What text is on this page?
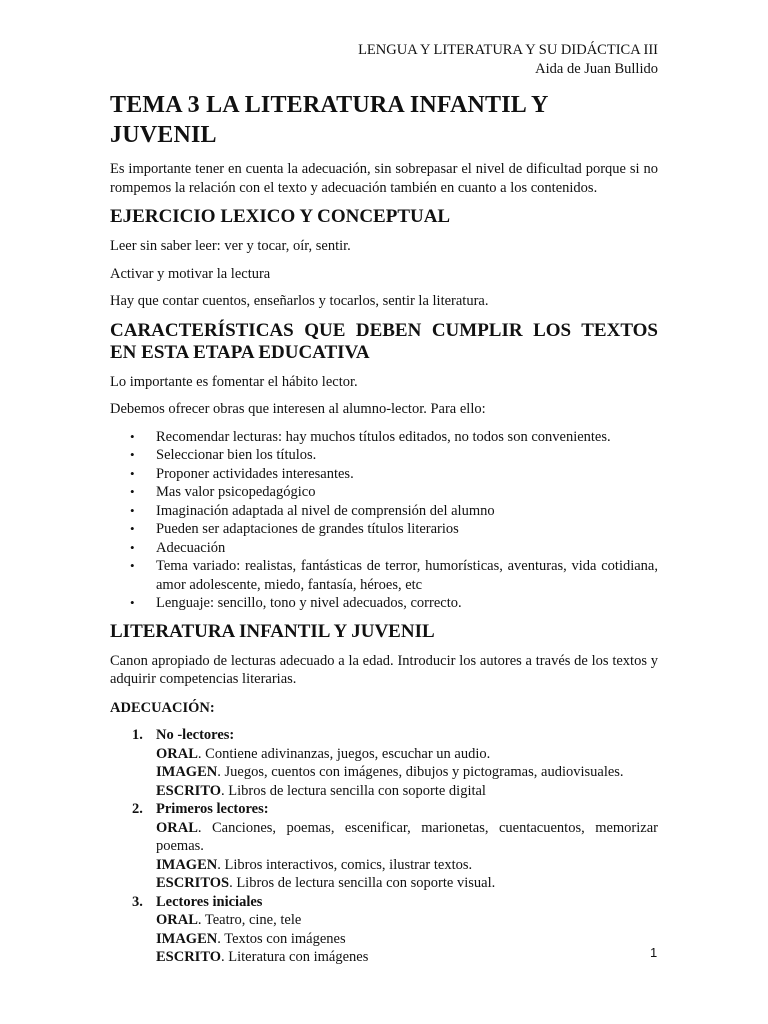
LENGUA Y LITERATURA Y SU DIDÁCTICA III
Aida de Juan Bullido
TEMA 3 LA LITERATURA INFANTIL Y JUVENIL

Es importante tener en cuenta la adecuación, sin sobrepasar el nivel de dificultad porque si no rompemos la relación con el texto y adecuación también en cuanto a los contenidos.

EJERCICIO LEXICO Y CONCEPTUAL

Leer sin saber leer: ver y tocar, oír, sentir.

Activar y motivar la lectura

Hay que contar cuentos, enseñarlos y tocarlos, sentir la literatura.

CARACTERÍSTICAS QUE DEBEN CUMPLIR LOS TEXTOS EN ESTA ETAPA EDUCATIVA

Lo importante es fomentar el hábito lector.

Debemos ofrecer obras que interesen al alumno-lector. Para ello:

• Recomendar lecturas: hay muchos títulos editados, no todos son convenientes.
• Seleccionar bien los títulos.
• Proponer actividades interesantes.
• Mas valor psicopedagógico
• Imaginación adaptada al nivel de comprensión del alumno
• Pueden ser adaptaciones de grandes títulos literarios
• Adecuación
• Tema variado: realistas, fantásticas de terror, humorísticas, aventuras, vida cotidiana, amor adolescente, miedo, fantasía, héroes, etc
• Lenguaje: sencillo, tono y nivel adecuados, correcto.
LITERATURA INFANTIL Y JUVENIL

Canon apropiado de lecturas adecuado a la edad. Introducir los autores a través de los textos y adquirir competencias literarias.

ADECUACIÓN:
1. No -lectores:
ORAL. Contiene adivinanzas, juegos, escuchar un audio.
IMAGEN. Juegos, cuentos con imágenes, dibujos y pictogramas, audiovisuales.
ESCRITO. Libros de lectura sencilla con soporte digital
2. Primeros lectores:
ORAL. Canciones, poemas, escenificar, marionetas, cuentacuentos, memorizar poemas.
IMAGEN. Libros interactivos, comics, ilustrar textos.
ESCRITOS. Libros de lectura sencilla con soporte visual.
3. Lectores iniciales
ORAL. Teatro, cine, tele
IMAGEN. Textos con imágenes
ESCRITO. Literatura con imágenes	1
